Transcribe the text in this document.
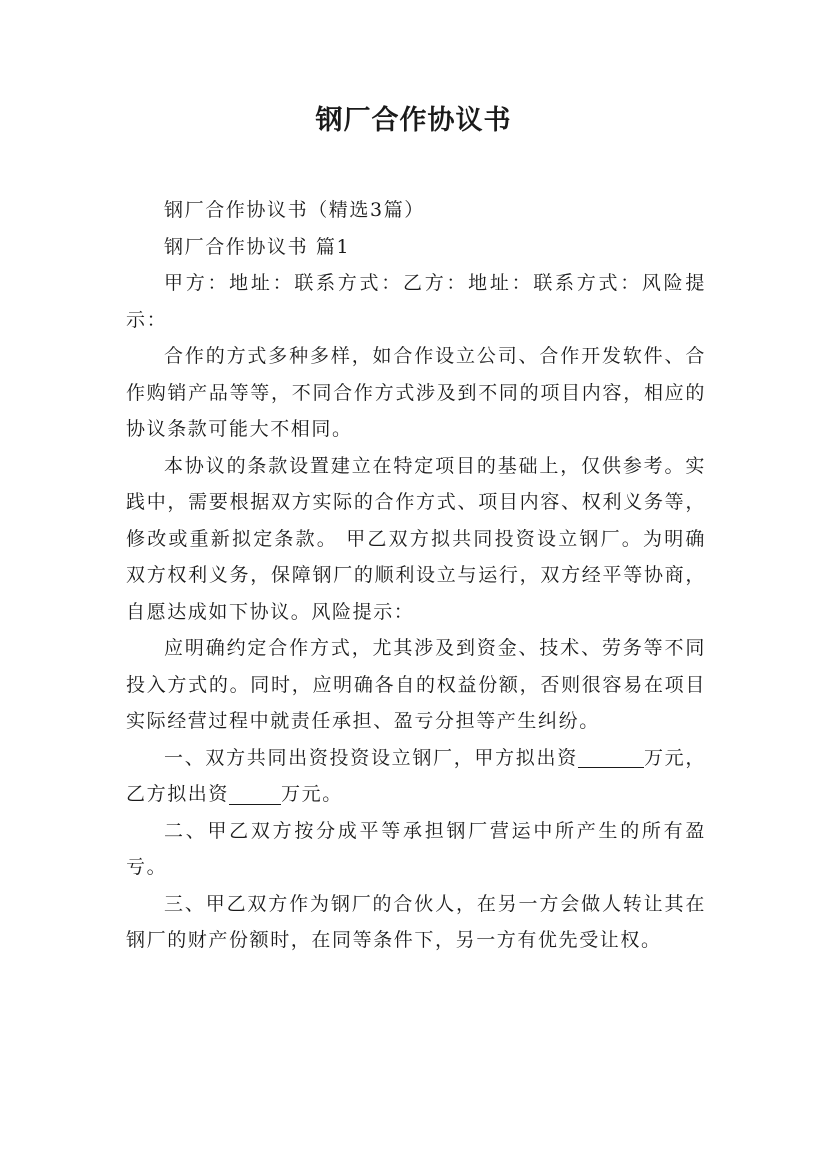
钢厂合作协议书

钢厂合作协议书（精选3篇）

钢厂合作协议书 篇1

甲方：地址：联系方式：乙方：地址：联系方式：风险提示：

合作的方式多种多样，如合作设立公司、合作开发软件、合作购销产品等等，不同合作方式涉及到不同的项目内容，相应的协议条款可能大不相同。

本协议的条款设置建立在特定项目的基础上，仅供参考。实践中，需要根据双方实际的合作方式、项目内容、权利义务等，修改或重新拟定条款。 甲乙双方拟共同投资设立钢厂。为明确双方权利义务，保障钢厂的顺利设立与运行，双方经平等协商，自愿达成如下协议。风险提示：

应明确约定合作方式，尤其涉及到资金、技术、劳务等不同投入方式的。同时，应明确各自的权益份额，否则很容易在项目实际经营过程中就责任承担、盈亏分担等产生纠纷。

一、双方共同出资投资设立钢厂，甲方拟出资	万元，乙方拟出资	万元。

二、甲乙双方按分成平等承担钢厂营运中所产生的所有盈亏。

三、甲乙双方作为钢厂的合伙人，在另一方会做人转让其在钢厂的财产份额时，在同等条件下，另一方有优先受让权。
